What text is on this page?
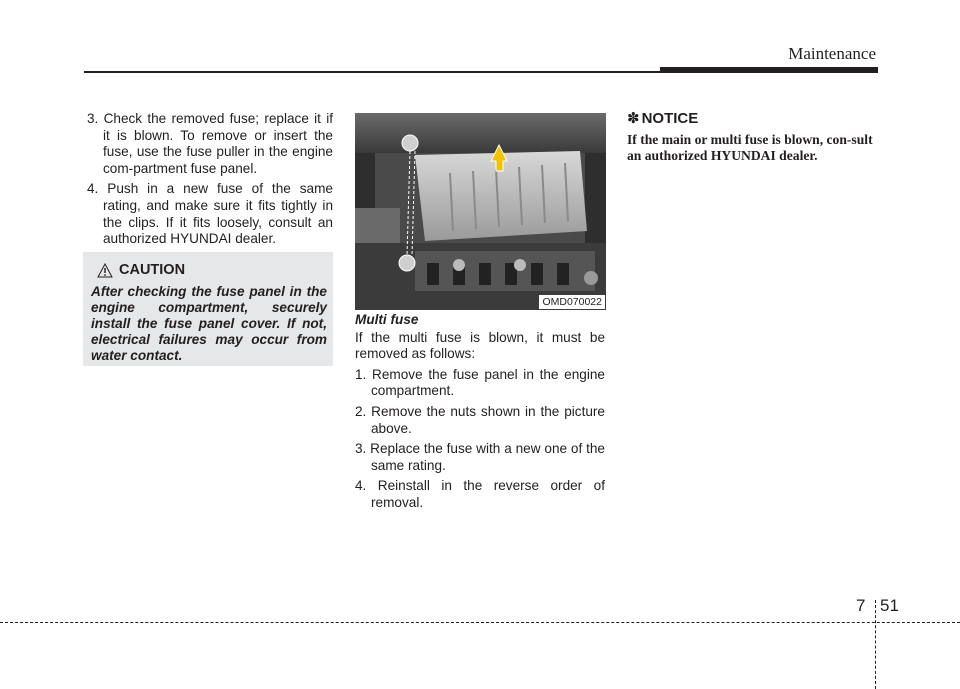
Maintenance

3. Check the removed fuse; replace it if it is blown. To remove or insert the fuse, use the fuse puller in the engine com-partment fuse panel.

4. Push in a new fuse of the same rating, and make sure it fits tightly in the clips. If it fits loosely, consult an authorized HYUNDAI dealer.

CAUTION
After checking the fuse panel in the engine compartment, securely install the fuse panel cover. If not, electrical failures may occur from water contact.
OMD070022
Multi fuse

If the multi fuse is blown, it must be removed as follows:

1. Remove the fuse panel in the engine compartment.

2. Remove the nuts shown in the picture above.

3. Replace the fuse with a new one of the same rating.

4. Reinstall in the reverse order of removal.

✽ NOTICE
If the main or multi fuse is blown, con-sult an authorized HYUNDAI dealer.
7 51
